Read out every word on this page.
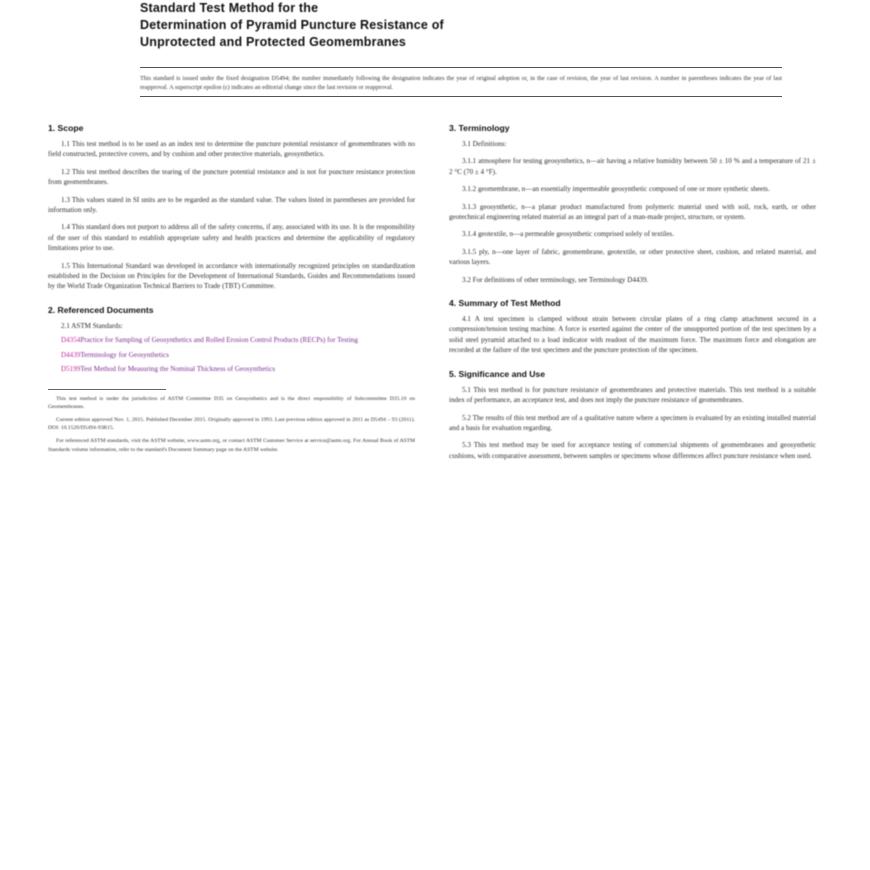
Standard Test Method for the
Determination of Pyramid Puncture Resistance of
Unprotected and Protected Geomembranes
This standard is issued under the fixed designation D5494; the number immediately following the designation indicates the year of original adoption or, in the case of revision, the year of last revision. A number in parentheses indicates the year of last reapproval. A superscript epsilon (ε) indicates an editorial change since the last revision or reapproval.
1. Scope

1.1 This test method is to be used as an index test to determine the puncture potential resistance of geomembranes with no field constructed, protective covers, and by cushion and other protective materials, geosynthetics.

1.2 This test method describes the tearing of the puncture potential resistance and is not for puncture resistance protection from geomembranes.

1.3 This values stated in SI units are to be regarded as the standard value. The values listed in parentheses are provided for information only.

1.4 This standard does not purport to address all of the safety concerns, if any, associated with its use. It is the responsibility of the user of this standard to establish appropriate safety and health practices and determine the applicability of regulatory limitations prior to use.

1.5 This International Standard was developed in accordance with internationally recognized principles on standardization established in the Decision on Principles for the Development of International Standards, Guides and Recommendations issued by the World Trade Organization Technical Barriers to Trade (TBT) Committee.

2. Referenced Documents
2.1 ASTM Standards:
D4354Practice for Sampling of Geosynthetics and Rolled Erosion Control Products (RECPs) for Testing
D4439Terminology for Geosynthetics
D5199Test Method for Measuring the Nominal Thickness of Geosynthetics

This test method is under the jurisdiction of ASTM Committee D35 on Geosynthetics and is the direct responsibility of Subcommittee D35.10 on Geomembranes.

Current edition approved Nov. 1, 2015. Published December 2015. Originally approved in 1993. Last previous edition approved in 2011 as D5494 – 93 (2011). DOI: 10.1520/D5494-93R15.

For referenced ASTM standards, visit the ASTM website, www.astm.org, or contact ASTM Customer Service at service@astm.org. For Annual Book of ASTM Standards volume information, refer to the standard's Document Summary page on the ASTM website.

3. Terminology

3.1 Definitions:

3.1.1 atmosphere for testing geosynthetics, n—air having a relative humidity between 50 ± 10 % and a temperature of 21 ± 2 °C (70 ± 4 °F).

3.1.2 geomembrane, n—an essentially impermeable geosynthetic composed of one or more synthetic sheets.

3.1.3 geosynthetic, n—a planar product manufactured from polymeric material used with soil, rock, earth, or other geotechnical engineering related material as an integral part of a man-made project, structure, or system.

3.1.4 geotextile, n—a permeable geosynthetic comprised solely of textiles.

3.1.5 ply, n—one layer of fabric, geomembrane, geotextile, or other protective sheet, cushion, and related material, and various layers.

3.2 For definitions of other terminology, see Terminology D4439.

4. Summary of Test Method

4.1 A test specimen is clamped without strain between circular plates of a ring clamp attachment secured in a compression/tension testing machine. A force is exerted against the center of the unsupported portion of the test specimen by a solid steel pyramid attached to a load indicator with readout of the maximum force. The maximum force and elongation are recorded at the failure of the test specimen and the puncture protection of the specimen.

5. Significance and Use

5.1 This test method is for puncture resistance of geomembranes and protective materials. This test method is a suitable index of performance, an acceptance test, and does not imply the puncture resistance of geomembranes.

5.2 The results of this test method are of a qualitative nature where a specimen is evaluated by an existing installed material and a basis for evaluation regarding.

5.3 This test method may be used for acceptance testing of commercial shipments of geomembranes and geosynthetic cushions, with comparative assessment, between samples or specimens whose differences affect puncture resistance when used.
